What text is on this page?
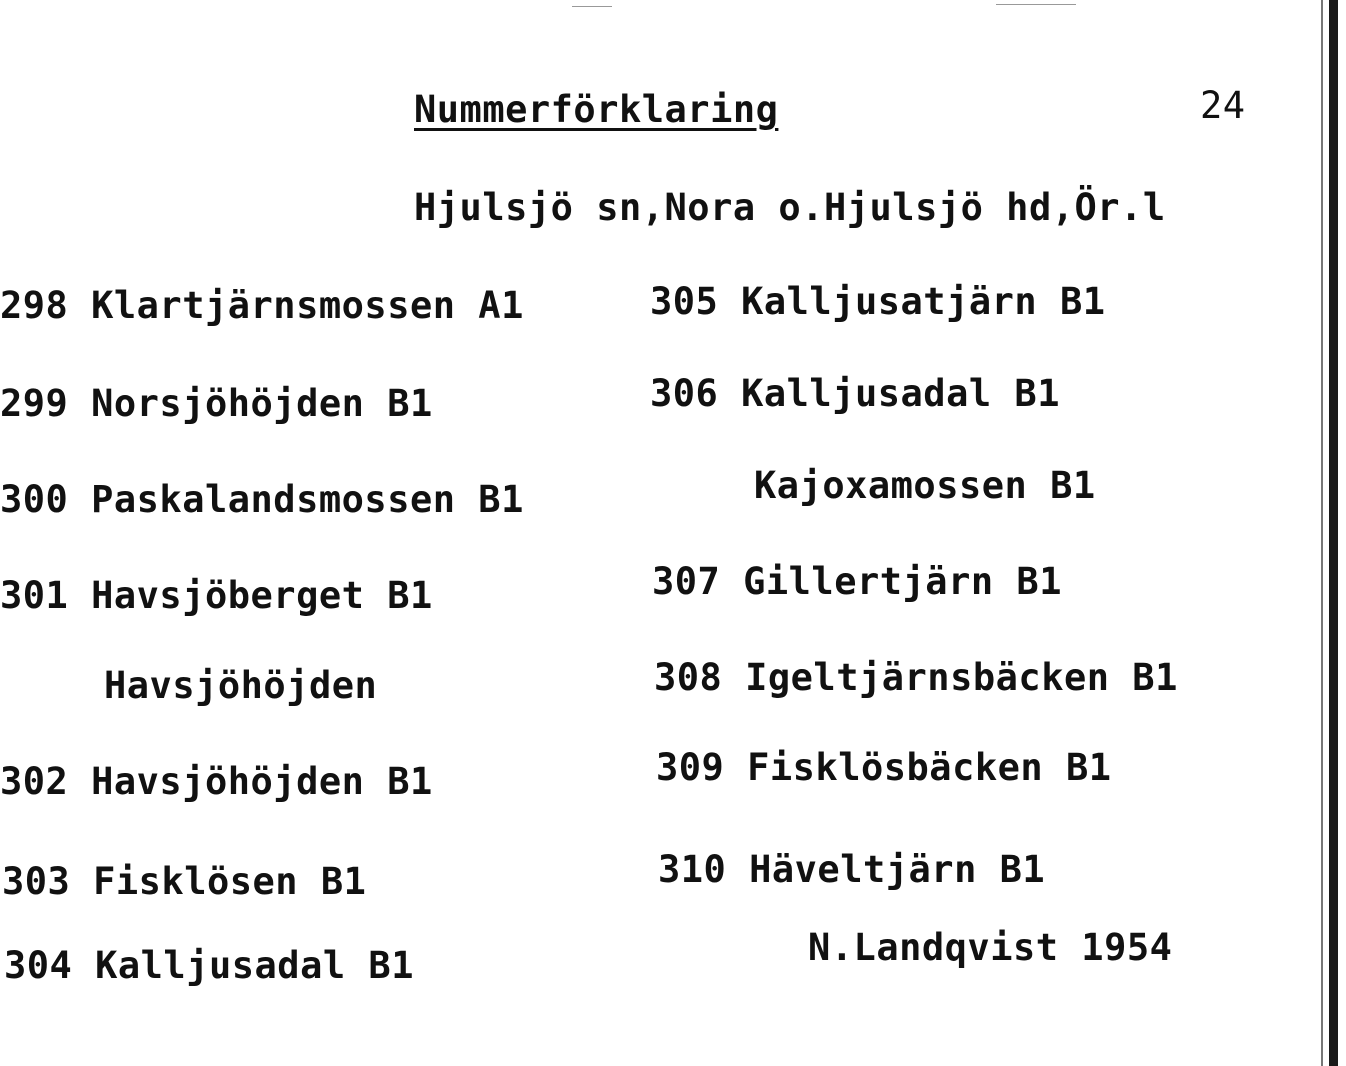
Nummerförklaring	24
Hjulsjö sn,Nora o.Hjulsjö hd,Ör.l
298 Klartjärnsmossen A1
299 Norsjöhöjden B1
300 Paskalandsmossen B1
301 Havsjöberget B1
Havsjöhöjden
302 Havsjöhöjden B1
303 Fisklösen B1
304 Kalljusadal B1
305 Kalljusatjärn B1
306 Kalljusadal B1
Kajoxamossen B1
307 Gillertjärn B1
308 Igeltjärnsbäcken B1
309 Fisklösbäcken B1
310 Häveltjärn B1
N.Landqvist 1954
